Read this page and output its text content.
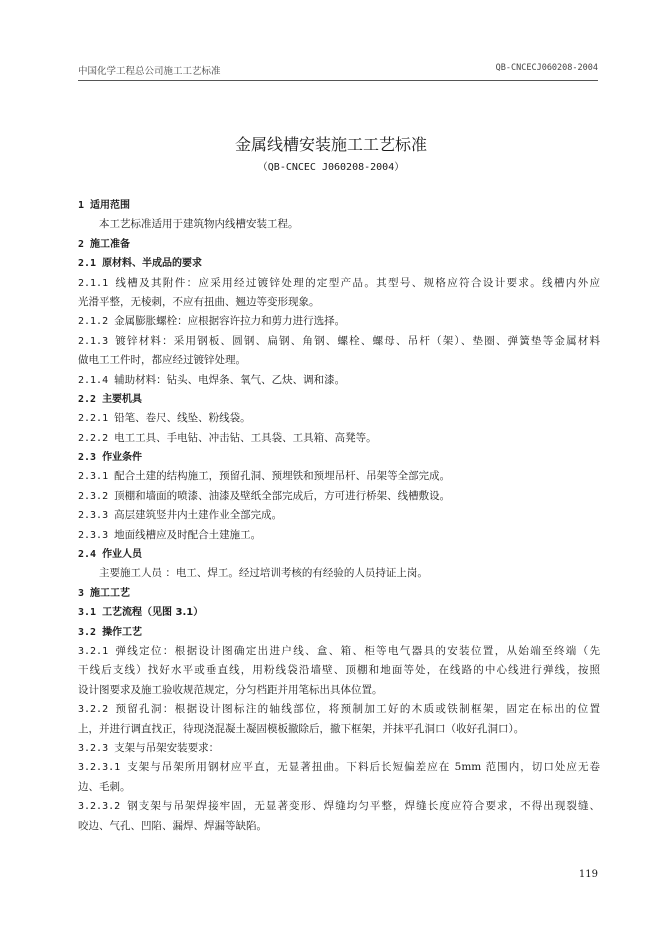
中国化学工程总公司施工工艺标准	QB-CNCECJ060208-2004
金属线槽安装施工工艺标准
（QB-CNCEC J060208-2004）
1 适用范围
本工艺标准适用于建筑物内线槽安装工程。
2 施工准备
2.1 原材料、半成品的要求
2.1.1 线槽及其附件：应采用经过镀锌处理的定型产品。其型号、规格应符合设计要求。线槽内外应
光滑平整，无棱刺，不应有扭曲、翘边等变形现象。
2.1.2 金属膨胀螺栓：应根据容许拉力和剪力进行选择。
2.1.3 镀锌材料：采用钢板、圆钢、扁钢、角钢、螺栓、螺母、吊杆（架）、垫圈、弹簧垫等金属材料
做电工工件时，都应经过镀锌处理。
2.1.4 辅助材料：钻头、电焊条、氧气、乙炔、调和漆。
2.2 主要机具
2.2.1 铅笔、卷尺、线坠、粉线袋。
2.2.2 电工工具、手电钻、冲击钻、工具袋、工具箱、高凳等。
2.3 作业条件
2.3.1 配合土建的结构施工，预留孔洞、预埋铁和预埋吊杆、吊架等全部完成。
2.3.2 顶棚和墙面的喷漆、油漆及壁纸全部完成后，方可进行桥架、线槽敷设。
2.3.3 高层建筑竖井内土建作业全部完成。
2.3.3 地面线槽应及时配合土建施工。
2.4 作业人员
主要施工人员 ：电工、焊工。经过培训考核的有经验的人员持证上岗。
3 施工工艺
3.1 工艺流程（见图 3.1）
3.2 操作工艺
3.2.1 弹线定位：根据设计图确定出进户线、盒、箱、柜等电气器具的安装位置，从始端至终端（先
干线后支线）找好水平或垂直线，用粉线袋沿墙壁、顶棚和地面等处，在线路的中心线进行弹线，按照
设计图要求及施工验收规范规定，分匀档距并用笔标出具体位置。
3.2.2 预留孔洞：根据设计图标注的轴线部位，将预制加工好的木质或铁制框架，固定在标出的位置
上，并进行调直找正，待现浇混凝土凝固模板撤除后，撤下框架，并抹平孔洞口（收好孔洞口）。
3.2.3 支架与吊架安装要求：
3.2.3.1 支架与吊架所用钢材应平直，无显著扭曲。下料后长短偏差应在 5mm 范围内，切口处应无卷
边、毛刺。
3.2.3.2 钢支架与吊架焊接牢固，无显著变形、焊缝均匀平整，焊缝长度应符合要求，不得出现裂缝、
咬边、气孔、凹陷、漏焊、焊漏等缺陷。
119
